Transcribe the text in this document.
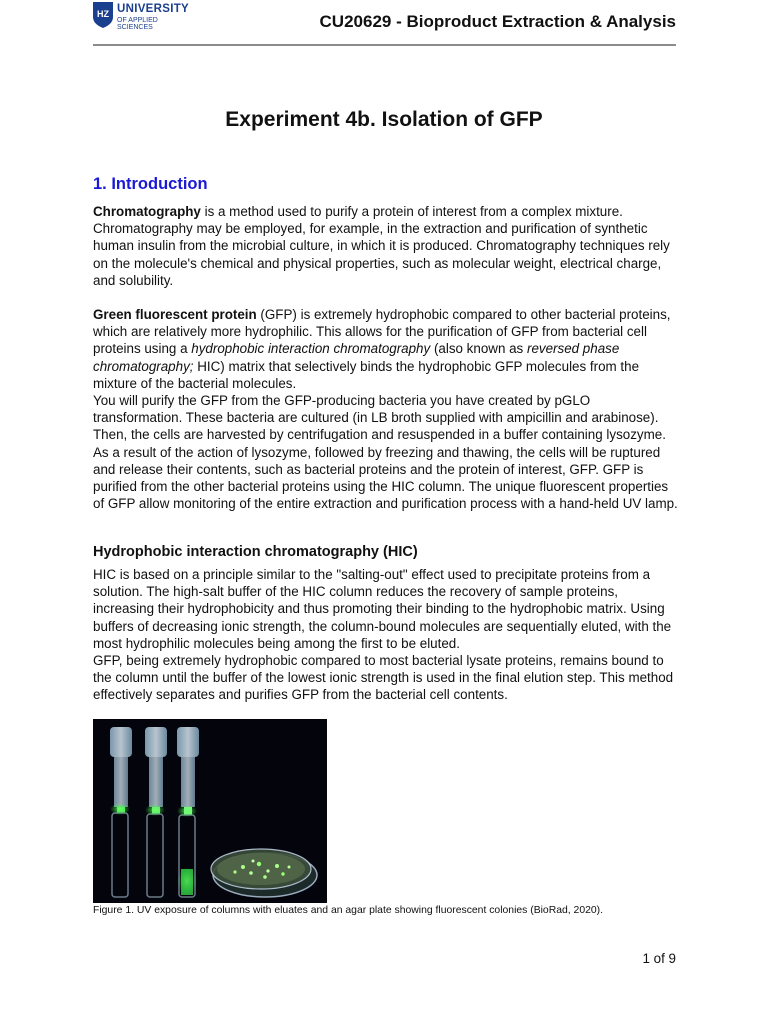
HZ UNIVERSITY
OF APPLIED SCIENCES	CU20629 - Bioproduct Extraction & Analysis
Experiment 4b. Isolation of GFP
1. Introduction

Chromatography is a method used to purify a protein of interest from a complex mixture. Chromatography may be employed, for example, in the extraction and purification of synthetic human insulin from the microbial culture, in which it is produced. Chromatography techniques rely on the molecule's chemical and physical properties, such as molecular weight, electrical charge, and solubility.

Green fluorescent protein (GFP) is extremely hydrophobic compared to other bacterial proteins, which are relatively more hydrophilic. This allows for the purification of GFP from bacterial cell proteins using a hydrophobic interaction chromatography (also known as reversed phase chromatography; HIC) matrix that selectively binds the hydrophobic GFP molecules from the mixture of the bacterial molecules.
You will purify the GFP from the GFP-producing bacteria you have created by pGLO transformation. These bacteria are cultured (in LB broth supplied with ampicillin and arabinose). Then, the cells are harvested by centrifugation and resuspended in a buffer containing lysozyme. As a result of the action of lysozyme, followed by freezing and thawing, the cells will be ruptured and release their contents, such as bacterial proteins and the protein of interest, GFP. GFP is purified from the other bacterial proteins using the HIC column. The unique fluorescent properties of GFP allow monitoring of the entire extraction and purification process with a hand-held UV lamp.

Hydrophobic interaction chromatography (HIC)

HIC is based on a principle similar to the "salting-out" effect used to precipitate proteins from a solution. The high-salt buffer of the HIC column reduces the recovery of sample proteins, increasing their hydrophobicity and thus promoting their binding to the hydrophobic matrix. Using buffers of decreasing ionic strength, the column-bound molecules are sequentially eluted, with the most hydrophilic molecules being among the first to be eluted.
GFP, being extremely hydrophobic compared to most bacterial lysate proteins, remains bound to the column until the buffer of the lowest ionic strength is used in the final elution step. This method effectively separates and purifies GFP from the bacterial cell contents.

Figure 1. UV exposure of columns with eluates and an agar plate showing fluorescent colonies (BioRad, 2020).
1 of 9
